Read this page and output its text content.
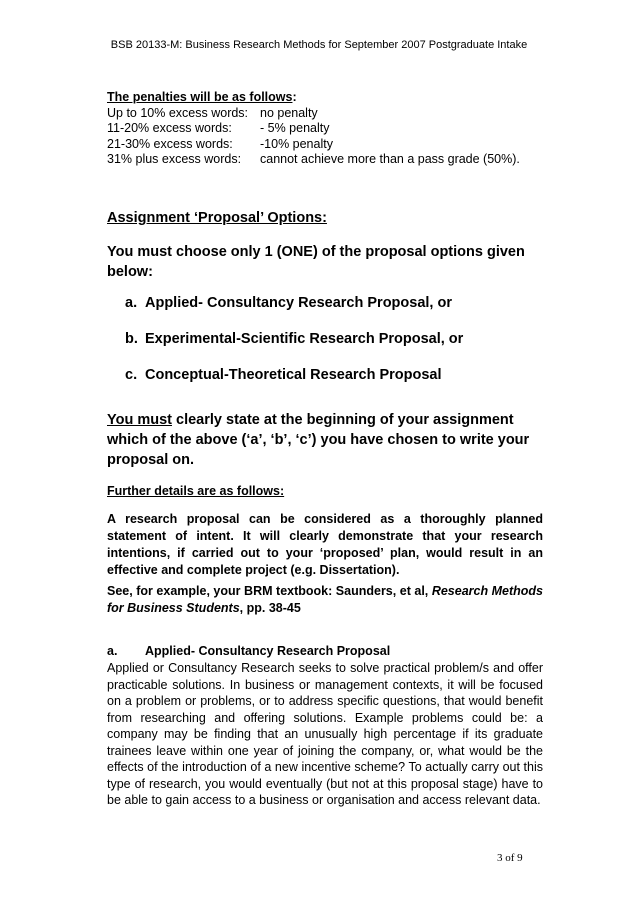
BSB 20133-M: Business Research Methods for September 2007 Postgraduate Intake
The penalties will be as follows:
Up to 10% excess words: no penalty
11-20% excess words:	- 5% penalty
21-30% excess words:	-10% penalty
31% plus excess words:	cannot achieve more than a pass grade (50%).
Assignment ‘Proposal’ Options:
You must choose only 1 (ONE) of the proposal options given below:
a. Applied- Consultancy Research Proposal, or
b. Experimental-Scientific Research Proposal, or
c. Conceptual-Theoretical Research Proposal
You must clearly state at the beginning of your assignment which of the above (‘a’, ‘b’, ‘c’) you have chosen to write your proposal on.
Further details are as follows:
A research proposal can be considered as a thoroughly planned statement of intent. It will clearly demonstrate that your research intentions, if carried out to your ‘proposed’ plan, would result in an effective and complete project (e.g. Dissertation).
See, for example, your BRM textbook: Saunders, et al, Research Methods for Business Students, pp. 38-45
a. Applied- Consultancy Research Proposal
Applied or Consultancy Research seeks to solve practical problem/s and offer practicable solutions. In business or management contexts, it will be focused on a problem or problems, or to address specific questions, that would benefit from researching and offering solutions. Example problems could be: a company may be finding that an unusually high percentage if its graduate trainees leave within one year of joining the company, or, what would be the effects of the introduction of a new incentive scheme? To actually carry out this type of research, you would eventually (but not at this proposal stage) have to be able to gain access to a business or organisation and access relevant data.
3 of 9
